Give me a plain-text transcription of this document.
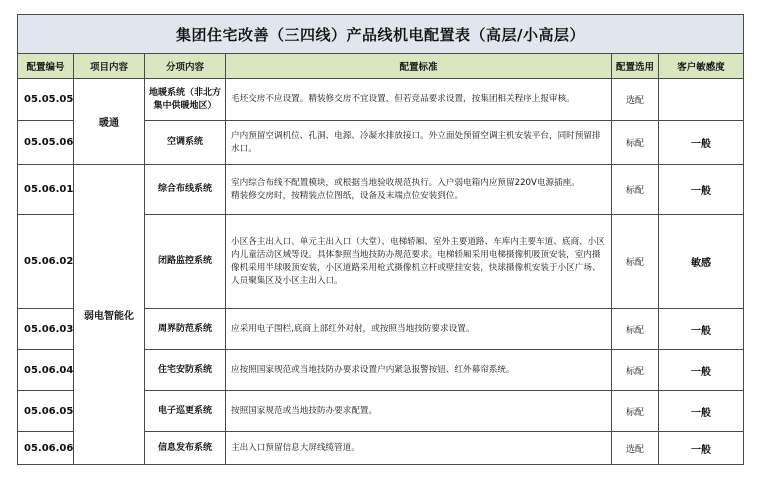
集团住宅改善（三四线）产品线机电配置表（高层/小高层）					
配置编号	项目内容	分项内容	配置标准	配置选用	客户敏感度
05.05.05	暖通	地暖系统（非北方集中供暖地区）	毛坯交房不应设置。精装修交房不宜设置，但若竞品要求设置，按集团相关程序上报审核。	选配	
05.05.06		空调系统	户内预留空调机位、孔洞、电源、冷凝水排放接口。外立面处预留空调主机安装平台，同时预留排水口。	标配	一般
05.06.01	弱电智能化	综合布线系统	室内综合布线不配置模块，或根据当地验收规范执行。入户弱电箱内应预留220V电源插座。
精装修交房时，按精装点位图纸，设备及末端点位安装到位。	标配	一般
05.06.02		闭路监控系统	小区各主出入口、单元主出入口（大堂）、电梯轿厢、室外主要道路、车库内主要车道、底商、小区内儿童活动区域等设。具体参照当地技防办规范要求。电梯轿厢采用电梯摄像机吸顶安装，室内摄像机采用半球吸顶安装，小区道路采用枪式摄像机立杆或壁挂安装，快球摄像机安装于小区广场、人员聚集区及小区主出入口。	标配	敏感
05.06.03		周界防范系统	应采用电子围栏,底商上部红外对射，或按照当地技防要求设置。	标配	一般
05.06.04		住宅安防系统	应按照国家规范或当地技防办要求设置户内紧急报警按钮、红外幕帘系统。	标配	一般
05.06.05		电子巡更系统	按照国家规范或当地技防办要求配置。	标配	一般
05.06.06		信息发布系统	主出入口预留信息大屏线缆管道。	选配	一般
